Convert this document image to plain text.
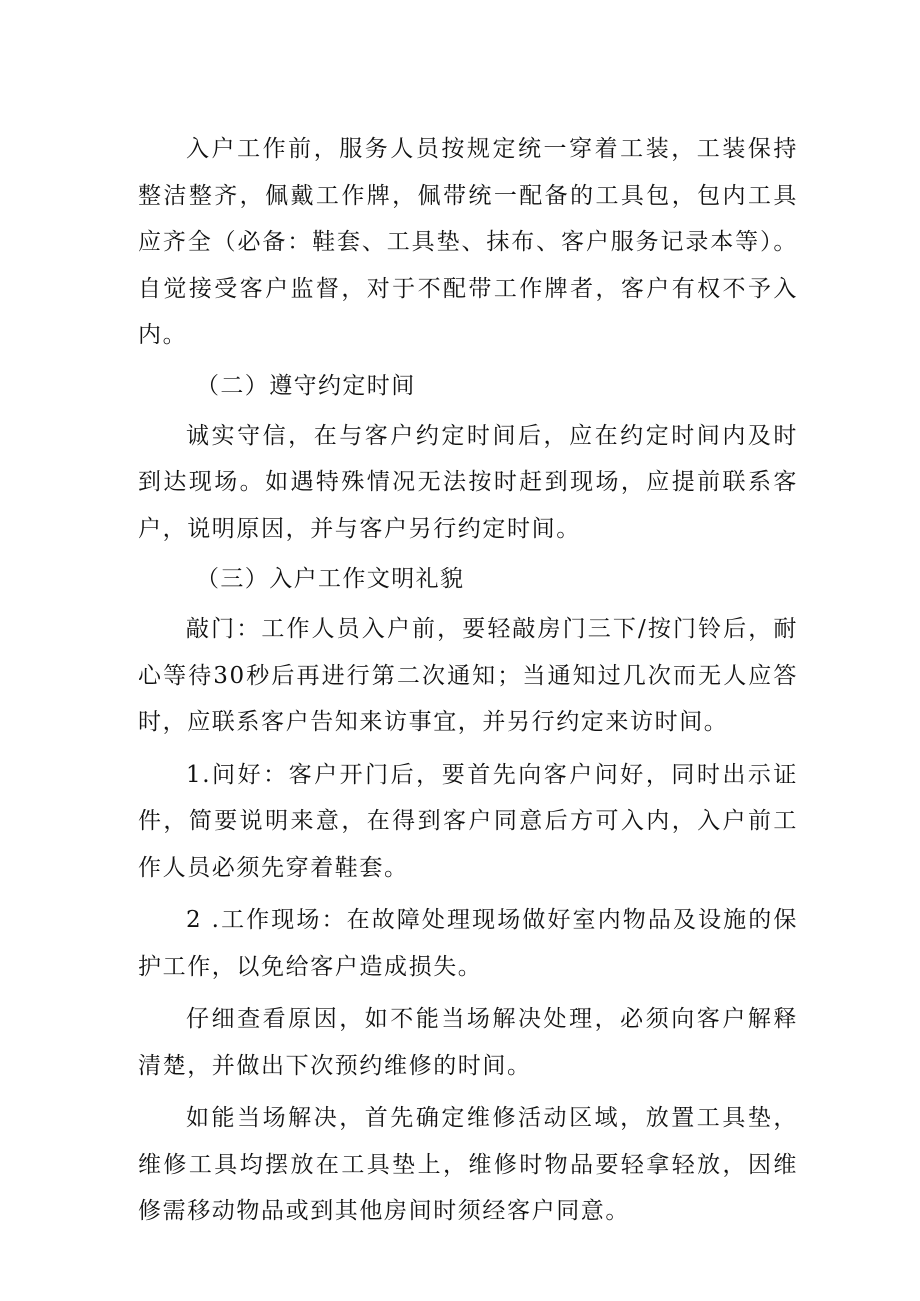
入户工作前，服务人员按规定统一穿着工装，工装保持整洁整齐，佩戴工作牌，佩带统一配备的工具包，包内工具应齐全（必备：鞋套、工具垫、抹布、客户服务记录本等）。自觉接受客户监督，对于不配带工作牌者，客户有权不予入内。

（二）遵守约定时间

诚实守信，在与客户约定时间后，应在约定时间内及时到达现场。如遇特殊情况无法按时赶到现场，应提前联系客户，说明原因，并与客户另行约定时间。

（三）入户工作文明礼貌

敲门：工作人员入户前，要轻敲房门三下/按门铃后，耐心等待30秒后再进行第二次通知；当通知过几次而无人应答时，应联系客户告知来访事宜，并另行约定来访时间。

1.问好：客户开门后，要首先向客户问好，同时出示证件，简要说明来意，在得到客户同意后方可入内，入户前工作人员必须先穿着鞋套。

2 .工作现场：在故障处理现场做好室内物品及设施的保护工作，以免给客户造成损失。

仔细查看原因，如不能当场解决处理，必须向客户解释清楚，并做出下次预约维修的时间。

如能当场解决，首先确定维修活动区域，放置工具垫，维修工具均摆放在工具垫上，维修时物品要轻拿轻放，因维修需移动物品或到其他房间时须经客户同意。
